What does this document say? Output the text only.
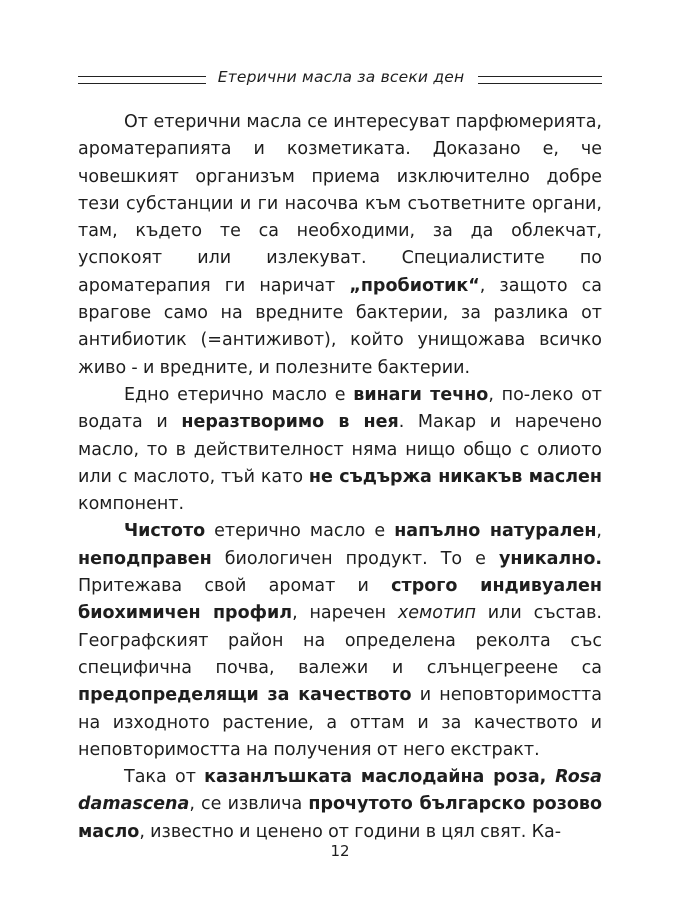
Етерични масла за всеки ден

От етерични масла се интересуват парфюмерията, ароматерапията и козметиката. Доказано е, че човешкият организъм приема изключително добре тези субстанции и ги насочва към съответните органи, там, където те са необходими, за да облекчат, успокоят или излекуват. Специалистите по ароматерапия ги наричат „пробиотик“, защото са врагове само на вредните бактерии, за разлика от антибиотик (=антиживот), който унищожава всичко живо - и вредните, и полезните бактерии.

Едно етерично масло е винаги течно, по-леко от водата и неразтворимо в нея. Макар и наречено масло, то в действителност няма нищо общо с олиото или с маслото, тъй като не съдържа никакъв маслен компонент.

Чистото етерично масло е напълно натурален, неподправен биологичен продукт. То е уникално. Притежава свой аромат и строго индивуален биохимичен профил, наречен хемотип или състав. Географският район на определена реколта със специфична почва, валежи и слънцегреене са предопределящи за качеството и неповторимостта на изходното растение, а оттам и за качеството и неповторимостта на получения от него екстракт.

Така от казанлъшката маслодайна роза, Rosa damascena, се извлича прочутото българско розово масло, известно и ценено от години в цял свят. Ка-

12
